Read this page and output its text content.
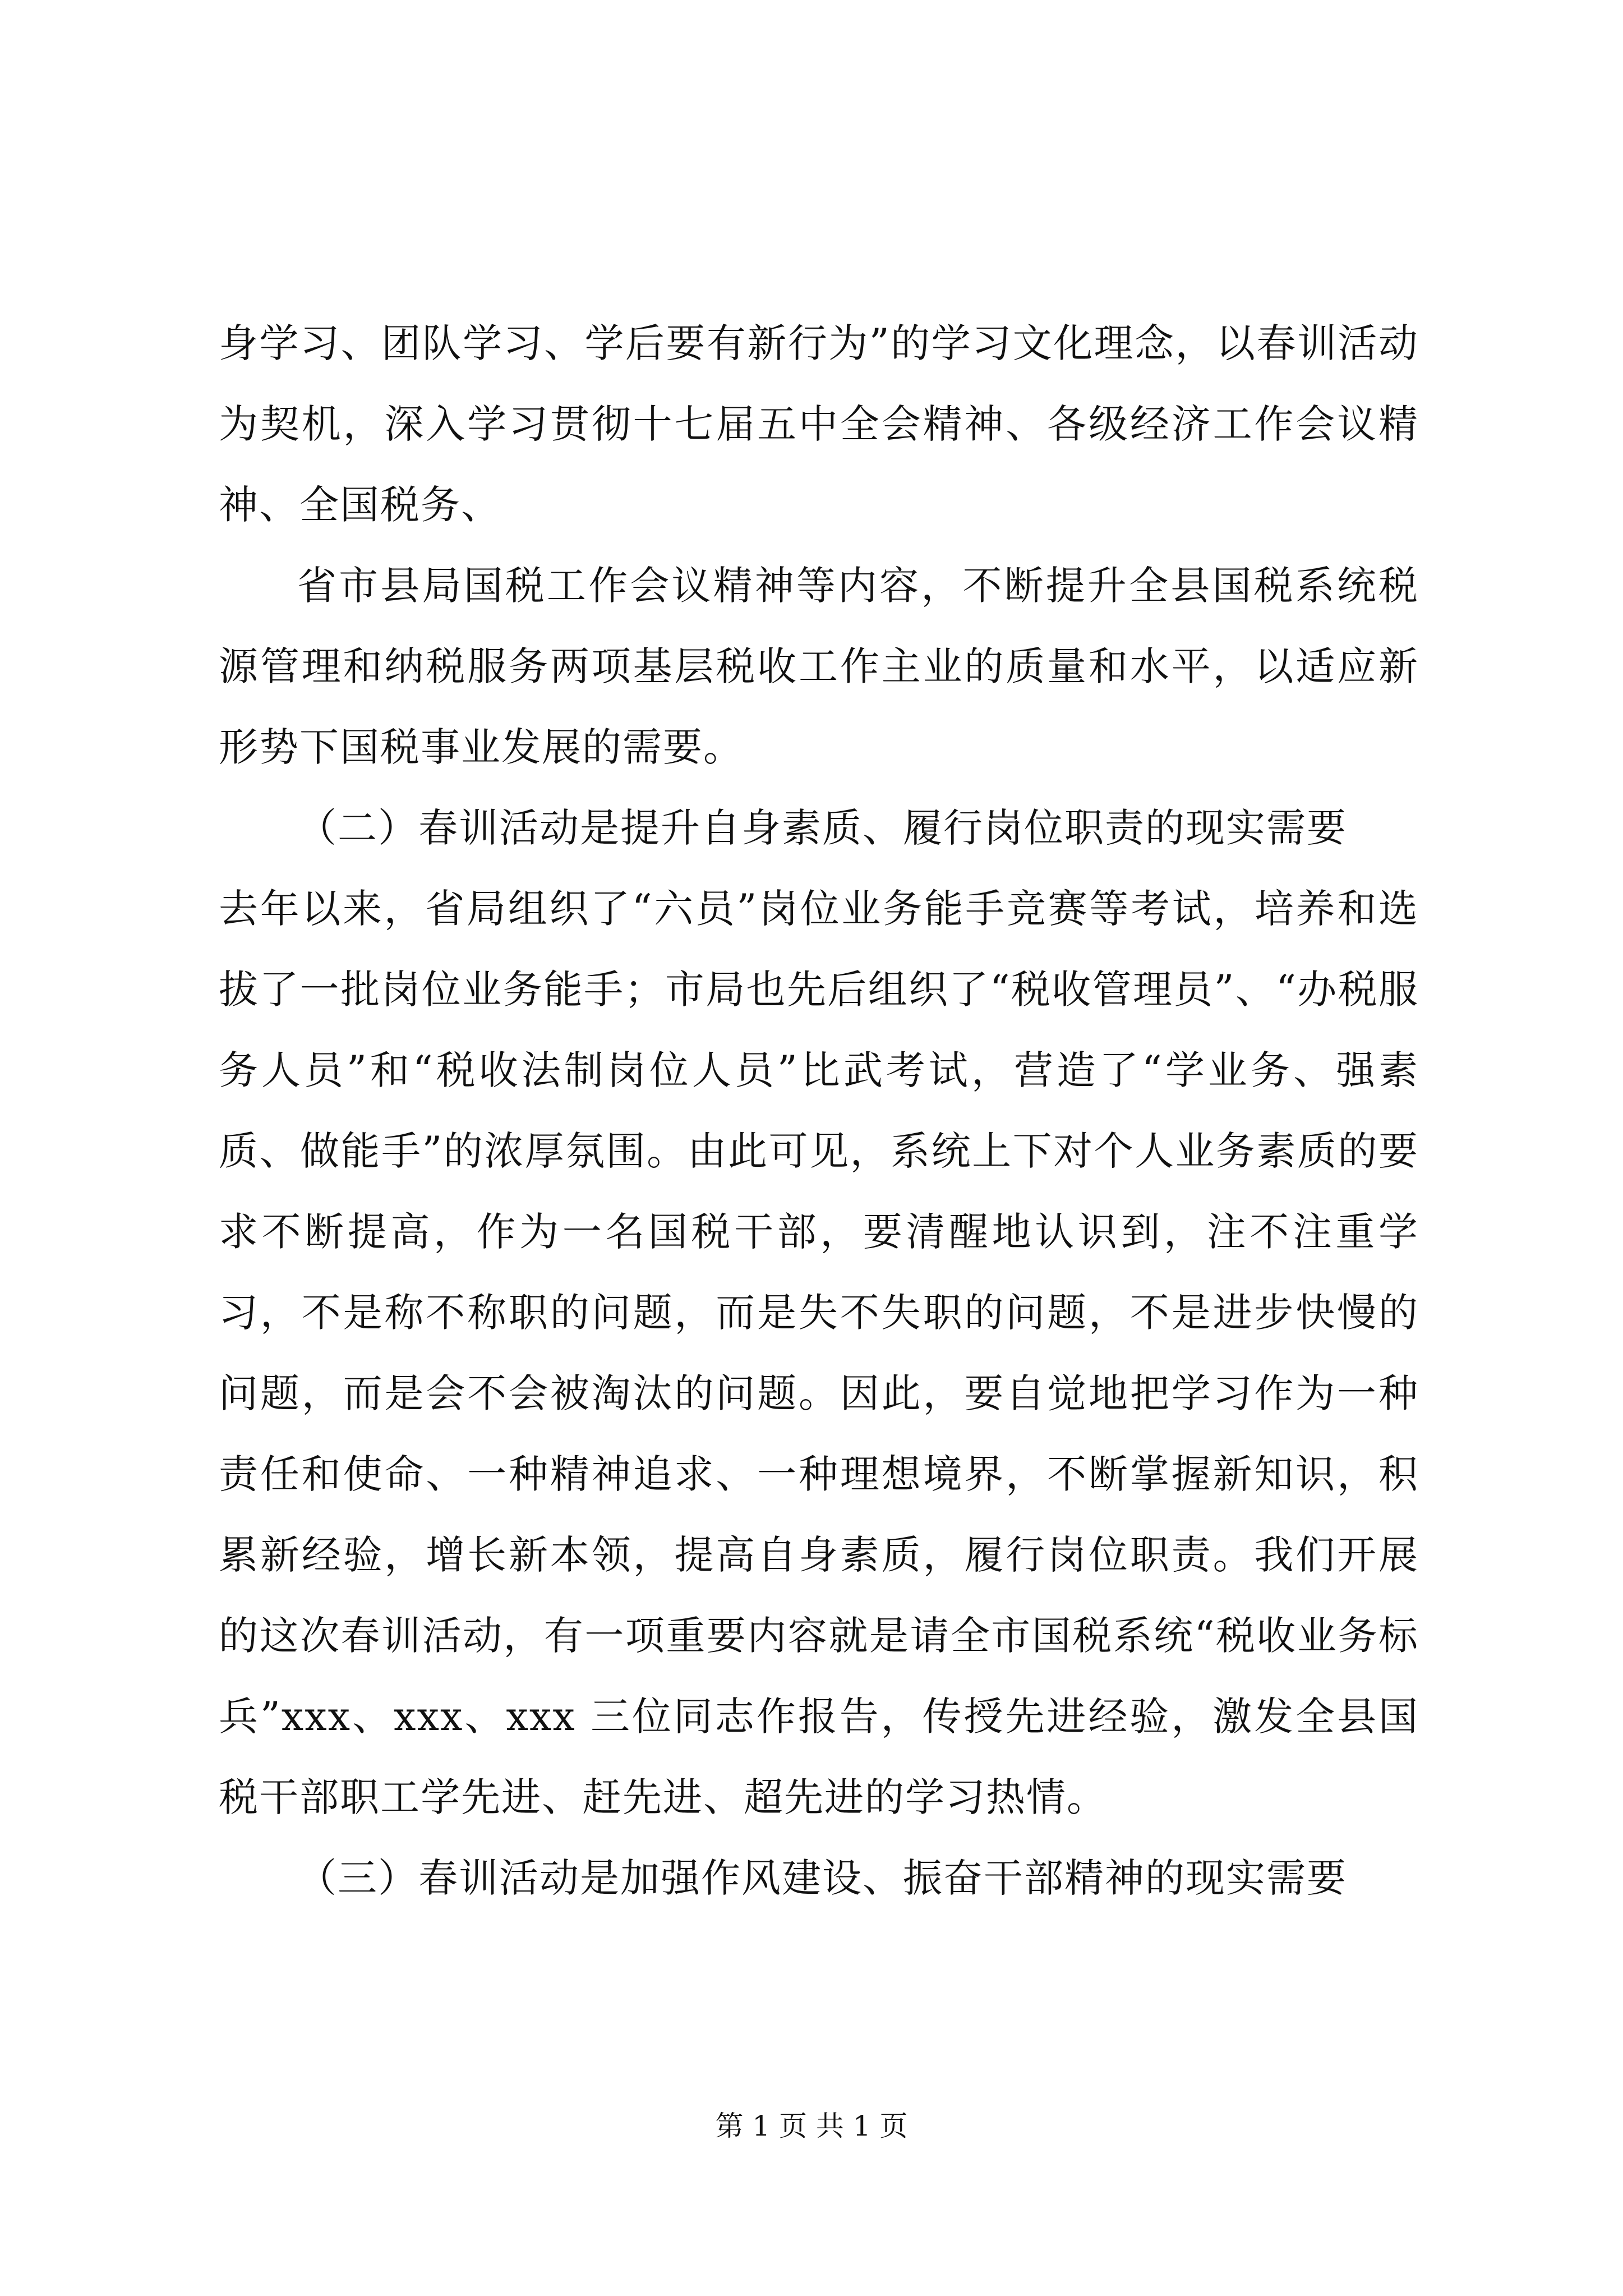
身学习、团队学习、学后要有新行为”的学习文化理念，以春训活动为契机，深入学习贯彻十七届五中全会精神、各级经济工作会议精神、全国税务、

省市县局国税工作会议精神等内容，不断提升全县国税系统税源管理和纳税服务两项基层税收工作主业的质量和水平，以适应新形势下国税事业发展的需要。

（二）春训活动是提升自身素质、履行岗位职责的现实需要

去年以来，省局组织了“六员”岗位业务能手竞赛等考试，培养和选拔了一批岗位业务能手；市局也先后组织了“税收管理员”、“办税服务人员”和“税收法制岗位人员”比武考试，营造了“学业务、强素质、做能手”的浓厚氛围。由此可见，系统上下对个人业务素质的要求不断提高，作为一名国税干部，要清醒地认识到，注不注重学习，不是称不称职的问题，而是失不失职的问题，不是进步快慢的问题，而是会不会被淘汰的问题。因此，要自觉地把学习作为一种责任和使命、一种精神追求、一种理想境界，不断掌握新知识，积累新经验，增长新本领，提高自身素质，履行岗位职责。我们开展的这次春训活动，有一项重要内容就是请全市国税系统“税收业务标兵”xxx、xxx、xxx 三位同志作报告，传授先进经验，激发全县国税干部职工学先进、赶先进、超先进的学习热情。

（三）春训活动是加强作风建设、振奋干部精神的现实需要

第 1 页 共 1 页
